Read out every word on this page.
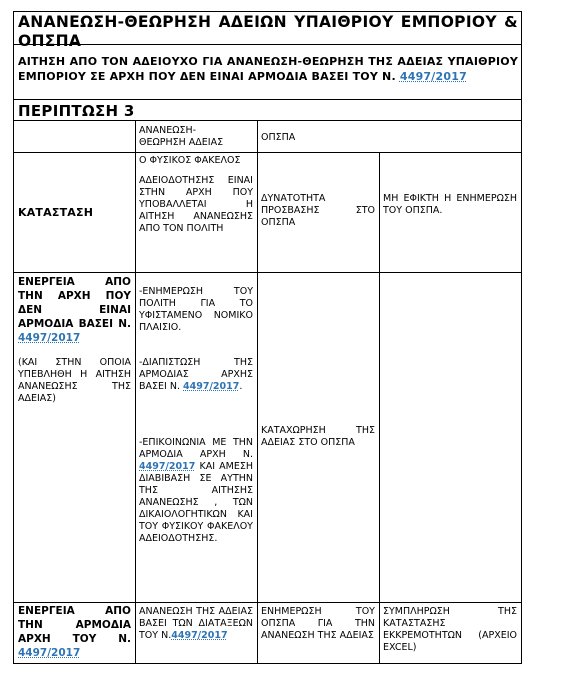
ΑΝΑΝΕΩΣΗ-ΘΕΩΡΗΣΗ ΑΔΕΙΩΝ ΥΠΑΙΘΡΙΟΥ ΕΜΠΟΡΙΟΥ & ΟΠΣΠΑ
ΑΙΤΗΣΗ ΑΠΟ ΤΟΝ ΑΔΕΙΟΥΧΟ ΓΙΑ ΑΝΑΝΕΩΣΗ-ΘΕΩΡΗΣΗ ΤΗΣ ΑΔΕΙΑΣ ΥΠΑΙΘΡΙΟΥ ΕΜΠΟΡΙΟΥ ΣΕ ΑΡΧΗ ΠΟΥ ΔΕΝ ΕΙΝΑΙ ΑΡΜΟΔΙΑ ΒΑΣΕΙ ΤΟΥ Ν. 4497/2017
ΠΕΡΙΠΤΩΣΗ 3
ΑΝΑΝΕΩΣΗ-ΘΕΩΡΗΣΗ ΑΔΕΙΑΣ	ΟΠΣΠΑ
ΚΑΤΑΣΤΑΣΗ

Ο ΦΥΣΙΚΟΣ ΦΑΚΕΛΟΣ

ΑΔΕΙΟΔΟΤΗΣΗΣ ΕΙΝΑΙ ΣΤΗΝ ΑΡΧΗ ΠΟΥ ΥΠΟΒΑΛΛΕΤΑΙ Η ΑΙΤΗΣΗ ΑΝΑΝΕΩΣΗΣ ΑΠΟ ΤΟΝ ΠΟΛΙΤΗ

ΔΥΝΑΤΟΤΗΤΑ ΠΡΟΣΒΑΣΗΣ ΣΤΟ ΟΠΣΠΑ
ΜΗ ΕΦΙΚΤΗ Η ΕΝΗΜΕΡΩΣΗ ΤΟΥ ΟΠΣΠΑ.
ΕΝΕΡΓΕΙΑ ΑΠΟ ΤΗΝ ΑΡΧΗ ΠΟΥ ΔΕΝ ΕΙΝΑΙ ΑΡΜΟΔΙΑ ΒΑΣΕΙ Ν. 4497/2017
(ΚΑΙ ΣΤΗΝ ΟΠΟΙΑ ΥΠΕΒΛΗΘΗ Η ΑΙΤΗΣΗ ΑΝΑΝΕΩΣΗΣ ΤΗΣ ΑΔΕΙΑΣ)
-ΕΝΗΜΕΡΩΣΗ ΤΟΥ ΠΟΛΙΤΗ ΓΙΑ ΤΟ ΥΦΙΣΤΑΜΕΝΟ ΝΟΜΙΚΟ ΠΛΑΙΣΙΟ.
-ΔΙΑΠΙΣΤΩΣΗ ΤΗΣ ΑΡΜΟΔΙΑΣ ΑΡΧΗΣ ΒΑΣΕΙ Ν. 4497/2017.
-ΕΠΙΚΟΙΝΩΝΙΑ ΜΕ ΤΗΝ ΑΡΜΟΔΙΑ ΑΡΧΗ Ν. 4497/2017 ΚΑΙ ΑΜΕΣΗ ΔΙΑΒΙΒΑΣΗ ΣΕ ΑΥΤΗΝ ΤΗΣ ΑΙΤΗΣΗΣ ΑΝΑΝΕΩΣΗΣ , ΤΩΝ ΔΙΚΑΙΟΛΟΓΗΤΙΚΩΝ ΚΑΙ ΤΟΥ ΦΥΣΙΚΟΥ ΦΑΚΕΛΟΥ ΑΔΕΙΟΔΟΤΗΣΗΣ.
ΚΑΤΑΧΩΡΗΣΗ ΤΗΣ ΑΔΕΙΑΣ ΣΤΟ ΟΠΣΠΑ
ΕΝΕΡΓΕΙΑ ΑΠΟ ΤΗΝ ΑΡΜΟΔΙΑ ΑΡΧΗ ΤΟΥ Ν. 4497/2017
ΑΝΑΝΕΩΣΗ ΤΗΣ ΑΔΕΙΑΣ ΒΑΣΕΙ ΤΩΝ ΔΙΑΤΑΞΕΩΝ ΤΟΥ Ν.4497/2017
ΕΝΗΜΕΡΩΣΗ ΤΟΥ ΟΠΣΠΑ ΓΙΑ ΤΗΝ ΑΝΑΝΕΩΣΗ ΤΗΣ ΑΔΕΙΑΣ
ΣΥΜΠΛΗΡΩΣΗ ΤΗΣ ΚΑΤΑΣΤΑΣΗΣ ΕΚΚΡΕΜΟΤΗΤΩΝ (ΑΡΧΕΙΟ EXCEL)
